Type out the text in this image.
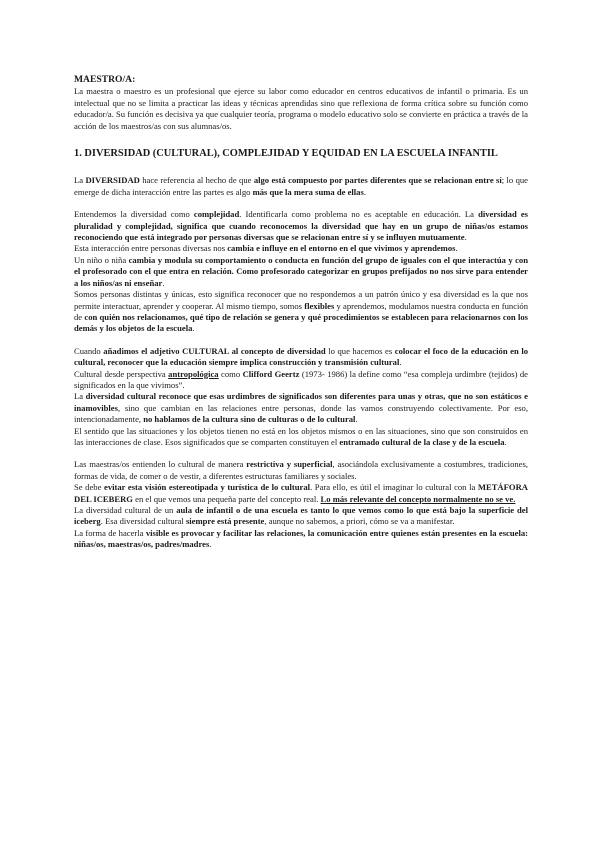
MAESTRO/A:

La maestra o maestro es un profesional que ejerce su labor como educador en centros educativos de infantil o primaria. Es un intelectual que no se limita a practicar las ideas y técnicas aprendidas sino que reflexiona de forma crítica sobre su función como educador/a. Su función es decisiva ya que cualquier teoría, programa o modelo educativo solo se convierte en práctica a través de la acción de los maestros/as con sus alumnas/os.

1. DIVERSIDAD (CULTURAL), COMPLEJIDAD Y EQUIDAD EN LA ESCUELA INFANTIL

La DIVERSIDAD hace referencia al hecho de que algo está compuesto por partes diferentes que se relacionan entre sí; lo que emerge de dicha interacción entre las partes es algo más que la mera suma de ellas.

Entendemos la diversidad como complejidad. Identificarla como problema no es aceptable en educación. La diversidad es pluralidad y complejidad, significa que cuando reconocemos la diversidad que hay en un grupo de niñas/os estamos reconociendo que está integrado por personas diversas que se relacionan entre sí y se influyen mutuamente.

Esta interacción entre personas diversas nos cambia e influye en el entorno en el que vivimos y aprendemos.

Un niño o niña cambia y modula su comportamiento o conducta en función del grupo de iguales con el que interactúa y con el profesorado con el que entra en relación. Como profesorado categorizar en grupos prefijados no nos sirve para entender a los niños/as ni enseñar.

Somos personas distintas y únicas, esto significa reconocer que no respondemos a un patrón único y esa diversidad es la que nos permite interactuar, aprender y cooperar. Al mismo tiempo, somos flexibles y aprendemos, modulamos nuestra conducta en función de con quién nos relacionamos, qué tipo de relación se genera y qué procedimientos se establecen para relacionarnos con los demás y los objetos de la escuela.

Cuando añadimos el adjetivo CULTURAL al concepto de diversidad lo que hacemos es colocar el foco de la educación en lo cultural, reconocer que la educación siempre implica construcción y transmisión cultural.

Cultural desde perspectiva antropológica como Clifford Geertz (1973- 1986) la define como “esa compleja urdimbre (tejidos) de significados en la que vivimos”.

La diversidad cultural reconoce que esas urdimbres de significados son diferentes para unas y otras, que no son estáticos e inamovibles, sino que cambian en las relaciones entre personas, donde las vamos construyendo colectivamente. Por eso, intencionadamente, no hablamos de la cultura sino de culturas o de lo cultural.

El sentido que las situaciones y los objetos tienen no está en los objetos mismos o en las situaciones, sino que son construidos en las interacciones de clase. Esos significados que se comparten constituyen el entramado cultural de la clase y de la escuela.

Las maestras/os entienden lo cultural de manera restrictiva y superficial, asociándola exclusivamente a costumbres, tradiciones, formas de vida, de comer o de vestir, a diferentes estructuras familiares y sociales.

Se debe evitar esta visión estereotipada y turística de lo cultural. Para ello, es útil el imaginar lo cultural con la METÁFORA DEL ICEBERG en el que vemos una pequeña parte del concepto real. Lo más relevante del concepto normalmente no se ve.

La diversidad cultural de un aula de infantil o de una escuela es tanto lo que vemos como lo que está bajo la superficie del iceberg. Esa diversidad cultural siempre está presente, aunque no sabemos, a priori, cómo se va a manifestar.

La forma de hacerla visible es provocar y facilitar las relaciones, la comunicación entre quienes están presentes en la escuela: niñas/os, maestras/os, padres/madres.
